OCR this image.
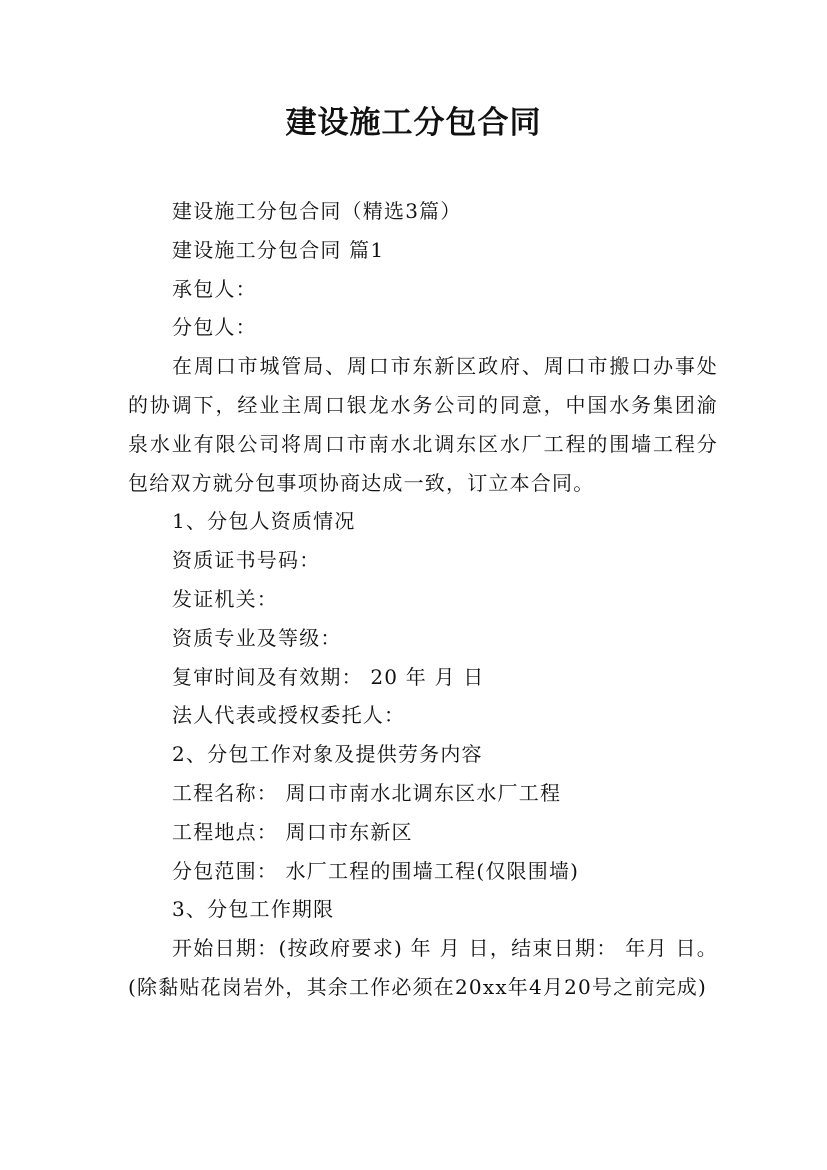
建设施工分包合同

建设施工分包合同（精选3篇）

建设施工分包合同 篇1

承包人：

分包人：

在周口市城管局、周口市东新区政府、周口市搬口办事处的协调下，经业主周口银龙水务公司的同意，中国水务集团渝泉水业有限公司将周口市南水北调东区水厂工程的围墙工程分包给双方就分包事项协商达成一致，订立本合同。

1、分包人资质情况

资质证书号码：

发证机关：

资质专业及等级：

复审时间及有效期： 20 年 月 日

法人代表或授权委托人：

2、分包工作对象及提供劳务内容

工程名称： 周口市南水北调东区水厂工程

工程地点： 周口市东新区

分包范围： 水厂工程的围墙工程(仅限围墙)

3、分包工作期限

开始日期：(按政府要求) 年 月 日，结束日期： 年月 日。(除黏贴花岗岩外，其余工作必须在20xx年4月20号之前完成)
